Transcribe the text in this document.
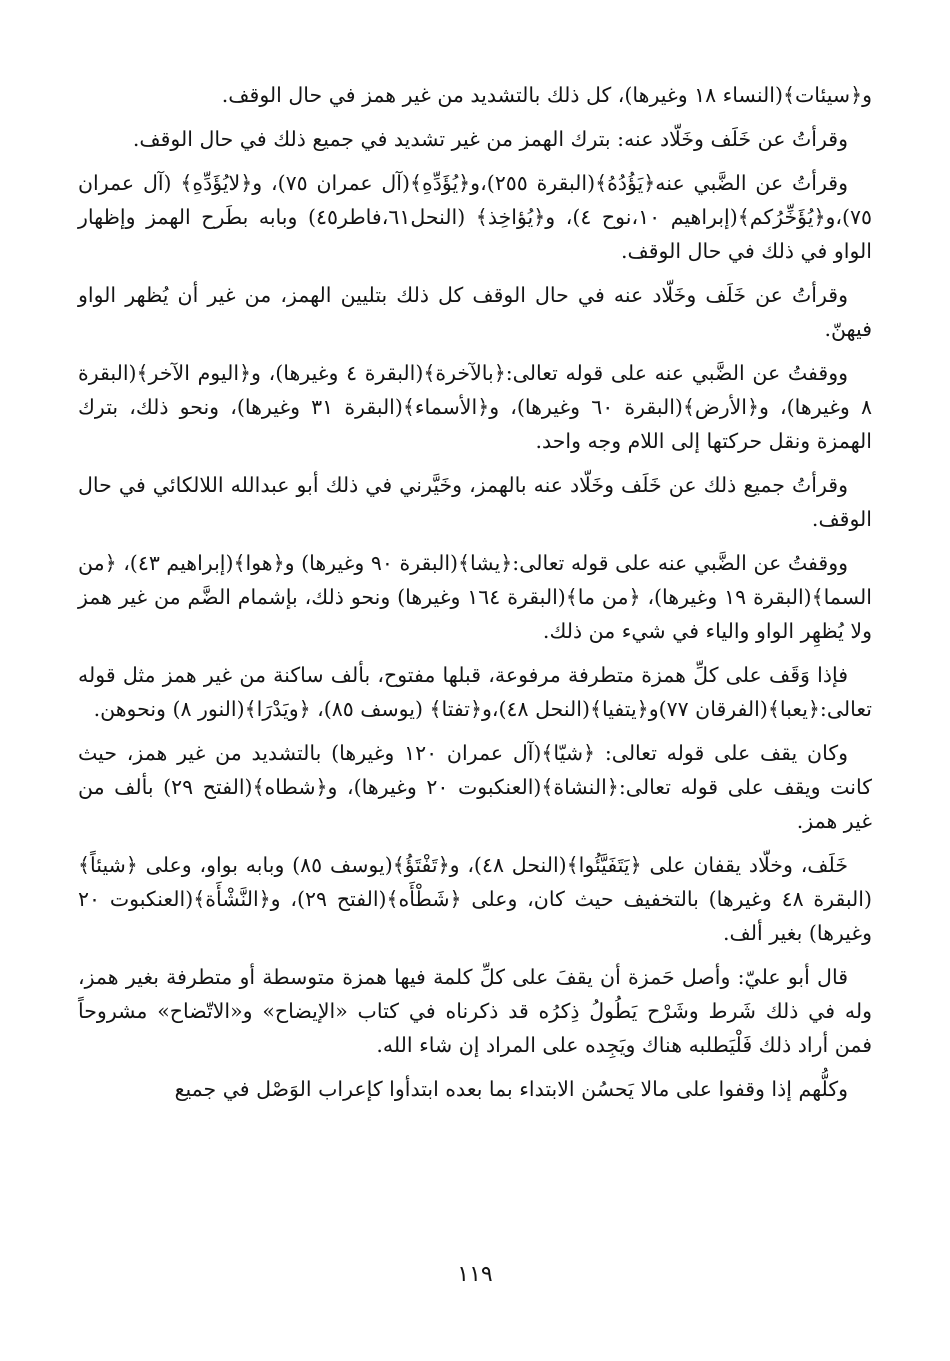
و﴿سيئات﴾(النساء ١٨ وغيرها)، كل ذلك بالتشديد من غير همز في حال الوقف.

وقرأتُ عن خَلَف وخَلّاد عنه: بترك الهمز من غير تشديد في جميع ذلك في حال الوقف.

وقرأتُ عن الضَّبي عنه﴿يَؤُدُهُ﴾(البقرة ٢٥٥)،و﴿يُؤَدِّهِ﴾(آل عمران ٧٥)، و﴿لايُؤَدِّهِ﴾ (آل عمران ٧٥)،و﴿يُؤَخِّرُكم﴾(إبراهيم ١٠،نوح ٤)، و﴿يُؤاخِذ﴾ (النحل٦١،فاطر٤٥) وبابه بطَرح الهمز وإظهار الواو في ذلك في حال الوقف.

وقرأتُ عن خَلَف وخَلّاد عنه في حال الوقف كل ذلك بتليين الهمز، من غير أن يُظهر الواو فيهنّ.

ووقفتُ عن الضَّبي عنه على قوله تعالى:﴿بالآخرة﴾(البقرة ٤ وغيرها)، و﴿اليوم الآخر﴾(البقرة ٨ وغيرها)، و﴿الأرض﴾(البقرة ٦٠ وغيرها)، و﴿الأسماء﴾(البقرة ٣١ وغيرها)، ونحو ذلك، بترك الهمزة ونقل حركتها إلى اللام وجه واحد.

وقرأتُ جميع ذلك عن خَلَف وخَلّاد عنه بالهمز، وخَيَّرني في ذلك أبو عبدالله اللالكائي في حال الوقف.

ووقفتُ عن الضَّبي عنه على قوله تعالى:﴿يشا﴾(البقرة ٩٠ وغيرها) و﴿هوا﴾(إبراهيم ٤٣)، ﴿من السما﴾(البقرة ١٩ وغيرها)، ﴿من ما﴾(البقرة ١٦٤ وغيرها) ونحو ذلك، بإشمام الضَّم من غير همز ولا يُظهِر الواو والياء في شيء من ذلك.

فإذا وَقَف على كلِّ همزة متطرفة مرفوعة، قبلها مفتوح، بألف ساكنة من غير همز مثل قوله تعالى:﴿يعبا﴾(الفرقان ٧٧)و﴿يتفيا﴾(النحل ٤٨)،و﴿تفتا﴾ (يوسف ٨٥)، ﴿ويَدْرَا﴾(النور ٨) ونحوهن.

وكان يقف على قوله تعالى: ﴿شيّا﴾(آل عمران ١٢٠ وغيرها) بالتشديد من غير همز، حيث كانت ويقف على قوله تعالى:﴿النشاة﴾(العنكبوت ٢٠ وغيرها)، و﴿شطاه﴾(الفتح ٢٩) بألف من غير همز.

خَلَف، وخلّاد يقفان على ﴿يَتَفَيَّئُوا﴾(النحل ٤٨)، و﴿تَفْتَؤُ﴾(يوسف ٨٥) وبابه بواو، وعلى ﴿شيئاً﴾(البقرة ٤٨ وغيرها) بالتخفيف حيث كان، وعلى ﴿شَطْأَه﴾(الفتح ٢٩)، و﴿النَّشْأَة﴾(العنكبوت ٢٠ وغيرها) بغير ألف.

قال أبو عليّ: وأصل حَمزة أن يقفَ على كلِّ كلمة فيها همزة متوسطة أو متطرفة بغير همز، وله في ذلك شَرط وشَرْح يَطُولُ ذِكرُه قد ذكرناه في كتاب «الإيضاح» و«الاتّضاح» مشروحاً فمن أراد ذلك فَلْيَطلبه هناك ويَجِده على المراد إن شاء الله.

وكلُّهم إذا وقفوا على مالا يَحسُن الابتداء بما بعده ابتدأوا كإعراب الوَصْل في جميع

١١٩
